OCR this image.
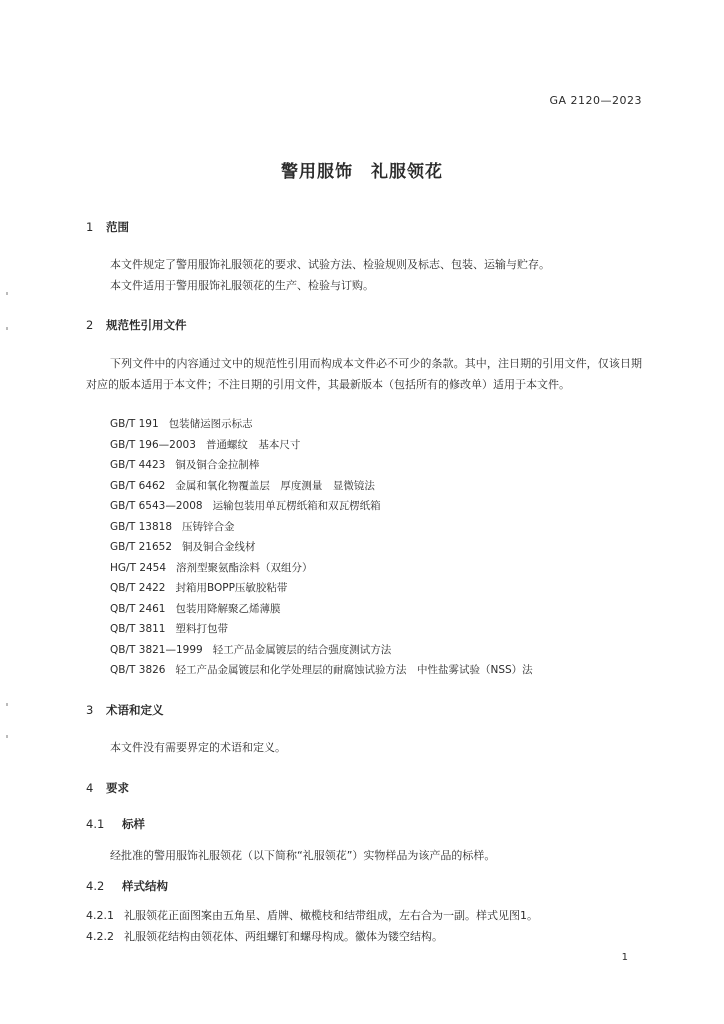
GA 2120—2023
警用服饰　礼服领花
1 范围
本文件规定了警用服饰礼服领花的要求、试验方法、检验规则及标志、包装、运输与贮存。
本文件适用于警用服饰礼服领花的生产、检验与订购。
2 规范性引用文件
下列文件中的内容通过文中的规范性引用而构成本文件必不可少的条款。其中，注日期的引用文件，仅该日期对应的版本适用于本文件；不注日期的引用文件，其最新版本（包括所有的修改单）适用于本文件。
GB/T 191 包装储运图示标志
GB/T 196—2003 普通螺纹　基本尺寸
GB/T 4423 铜及铜合金拉制棒
GB/T 6462 金属和氧化物覆盖层　厚度测量　显微镜法
GB/T 6543—2008 运输包装用单瓦楞纸箱和双瓦楞纸箱
GB/T 13818 压铸锌合金
GB/T 21652 铜及铜合金线材
HG/T 2454 溶剂型聚氨酯涂料（双组分）
QB/T 2422 封箱用BOPP压敏胶粘带
QB/T 2461 包装用降解聚乙烯薄膜
QB/T 3811 塑料打包带
QB/T 3821—1999 轻工产品金属镀层的结合强度测试方法
QB/T 3826 轻工产品金属镀层和化学处理层的耐腐蚀试验方法　中性盐雾试验（NSS）法
3 术语和定义
本文件没有需要界定的术语和定义。
4 要求
4.1 标样
经批准的警用服饰礼服领花（以下简称“礼服领花”）实物样品为该产品的标样。
4.2 样式结构
4.2.1 礼服领花正面图案由五角星、盾牌、橄榄枝和结带组成，左右合为一副。样式见图1。
4.2.2 礼服领花结构由领花体、两组螺钉和螺母构成。徽体为镂空结构。
1
